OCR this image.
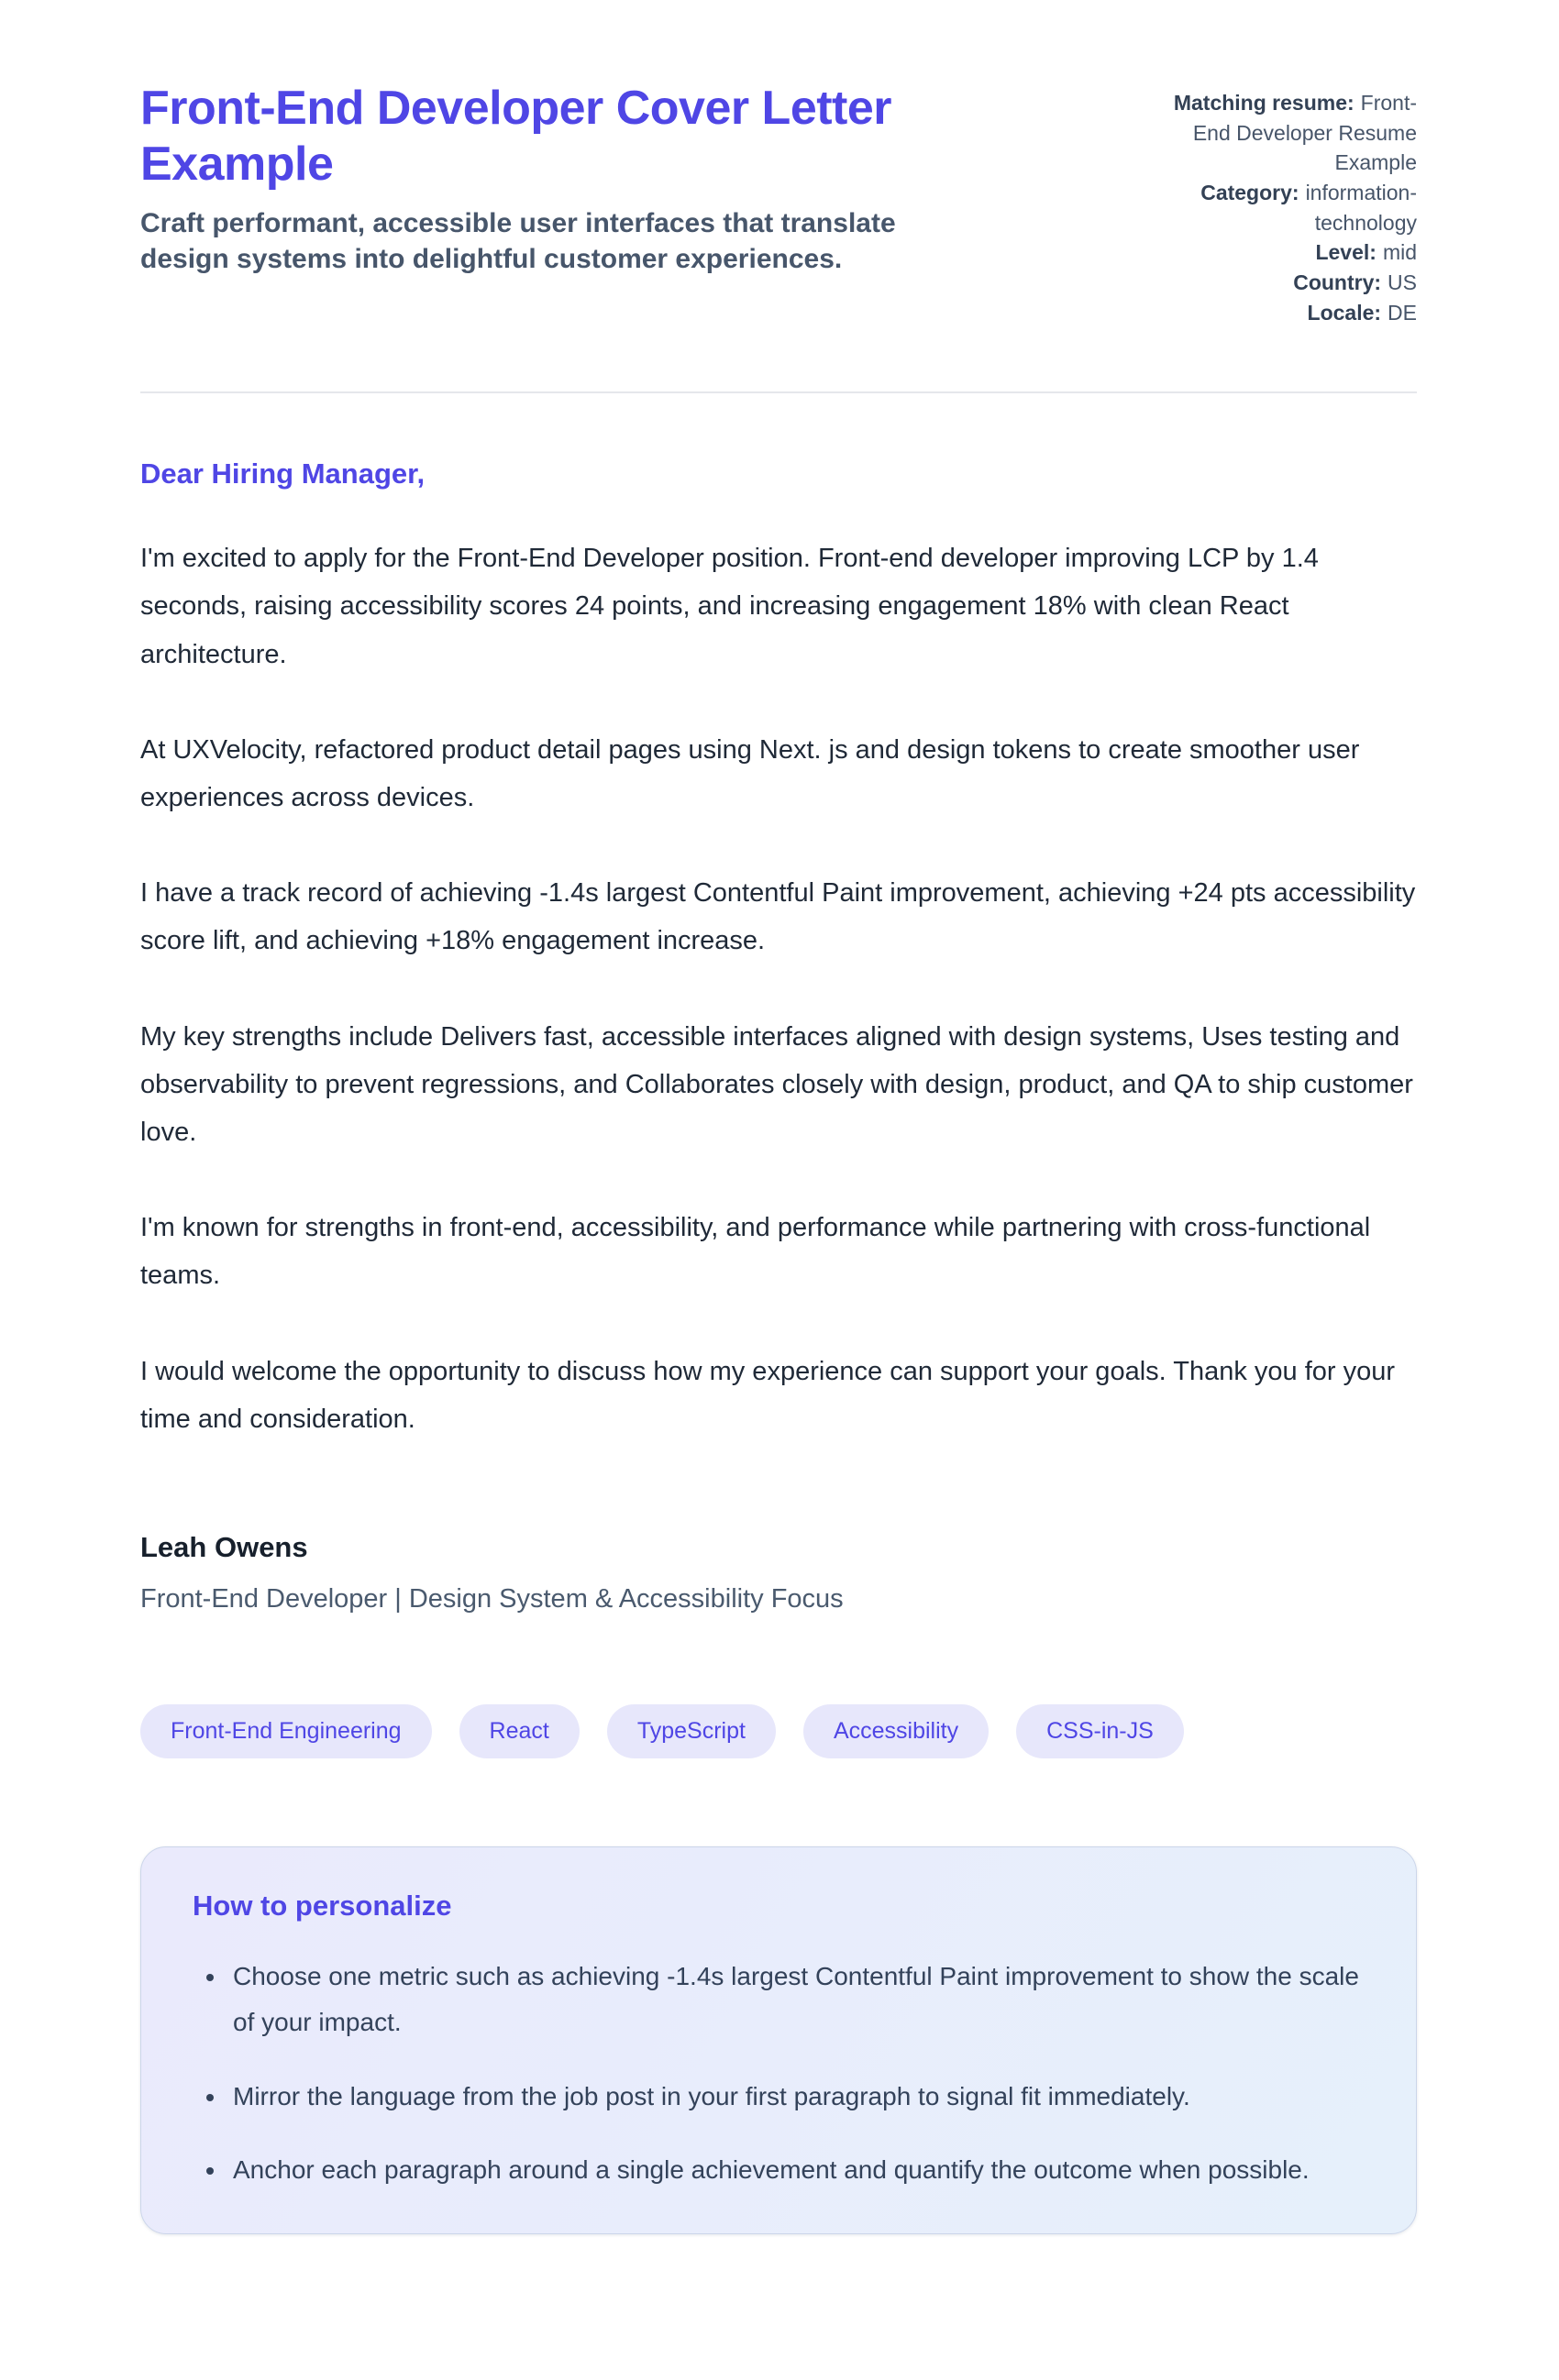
Front-End Developer Cover Letter Example

Craft performant, accessible user interfaces that translate design systems into delightful customer experiences.

Matching resume: Front-End Developer Resume Example
Category: information-technology
Level: mid
Country: US
Locale: DE

Dear Hiring Manager,

I'm excited to apply for the Front-End Developer position. Front-end developer improving LCP by 1.4 seconds, raising accessibility scores 24 points, and increasing engagement 18% with clean React architecture.

At UXVelocity, refactored product detail pages using Next. js and design tokens to create smoother user experiences across devices.

I have a track record of achieving -1.4s largest Contentful Paint improvement, achieving +24 pts accessibility score lift, and achieving +18% engagement increase.

My key strengths include Delivers fast, accessible interfaces aligned with design systems, Uses testing and observability to prevent regressions, and Collaborates closely with design, product, and QA to ship customer love.

I'm known for strengths in front-end, accessibility, and performance while partnering with cross-functional teams.

I would welcome the opportunity to discuss how my experience can support your goals. Thank you for your time and consideration.

Leah Owens

Front-End Developer | Design System & Accessibility Focus

Front-End Engineering	React	TypeScript	Accessibility	CSS-in-JS
How to personalize
• Choose one metric such as achieving -1.4s largest Contentful Paint improvement to show the scale of your impact.
• Mirror the language from the job post in your first paragraph to signal fit immediately.
• Anchor each paragraph around a single achievement and quantify the outcome when possible.
